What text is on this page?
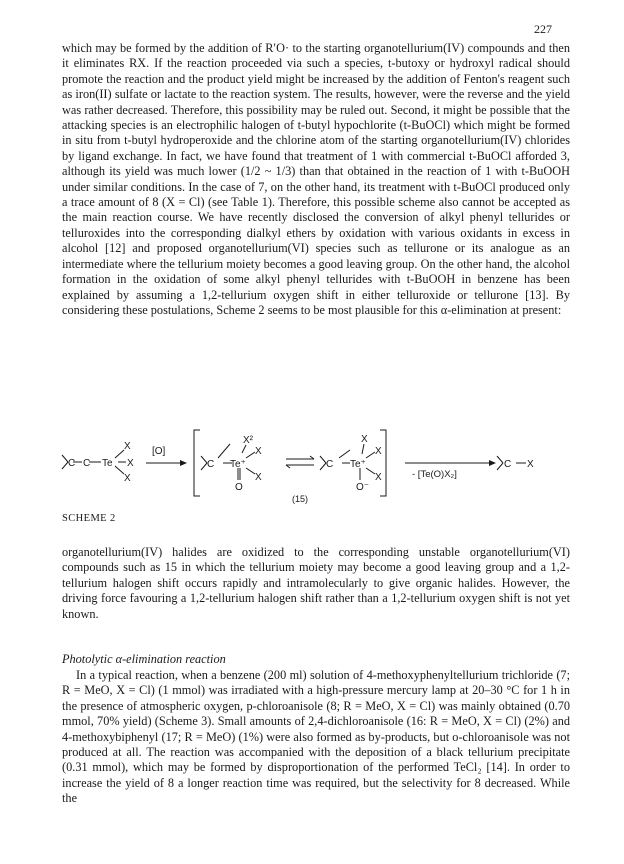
227

which may be formed by the addition of R′O· to the starting organotellurium(IV) compounds and then it eliminates RX. If the reaction proceeded via such a species, t-butoxy or hydroxyl radical should promote the reaction and the product yield might be increased by the addition of Fenton's reagent such as iron(II) sulfate or lactate to the reaction system. The results, however, were the reverse and the yield was rather decreased. Therefore, this possibility may be ruled out. Second, it might be possible that the attacking species is an electrophilic halogen of t-butyl hypochlorite (t-BuOCl) which might be formed in situ from t-butyl hydroperoxide and the chlorine atom of the starting organotellurium(IV) chlorides by ligand exchange. In fact, we have found that treatment of 1 with commercial t-BuOCl afforded 3, although its yield was much lower (1/2 ~ 1/3) than that obtained in the reaction of 1 with t-BuOOH under similar conditions. In the case of 7, on the other hand, its treatment with t-BuOCl produced only a trace amount of 8 (X = Cl) (see Table 1). Therefore, this possible scheme also cannot be accepted as the main reaction course. We have recently disclosed the conversion of alkyl phenyl tellurides or telluroxides into the corresponding dialkyl ethers by oxidation with various oxidants in excess in alcohol [12] and proposed organotellurium(VI) species such as tellurone or its analogue as an intermediate where the tellurium moiety becomes a good leaving group. On the other hand, the alcohol formation in the oxidation of some alkyl phenyl tellurides with t-BuOOH in benzene has been explained by assuming a 1,2-tellurium oxygen shift in either telluroxide or tellurone [13]. By considering these postulations, Scheme 2 seems to be most plausible for this α-elimination at present:

C C Te
X
X
X
[O]
C Te⁺
X²
X
X
O
C Te⁺
X
X
X
O⁻
- [Te(O)X₂]
C X
(15)
SCHEME 2

organotellurium(IV) halides are oxidized to the corresponding unstable organotellurium(VI) compounds such as 15 in which the tellurium moiety may become a good leaving group and a 1,2-tellurium halogen shift occurs rapidly and intramolecularly to give organic halides. However, the driving force favouring a 1,2-tellurium halogen shift rather than a 1,2-tellurium oxygen shift is not yet known.

Photolytic α-elimination reaction

In a typical reaction, when a benzene (200 ml) solution of 4-methoxyphenyltellurium trichloride (7; R = MeO, X = Cl) (1 mmol) was irradiated with a high-pressure mercury lamp at 20–30 °C for 1 h in the presence of atmospheric oxygen, p-chloroanisole (8; R = MeO, X = Cl) was mainly obtained (0.70 mmol, 70% yield) (Scheme 3). Small amounts of 2,4-dichloroanisole (16: R = MeO, X = Cl) (2%) and 4-methoxybiphenyl (17; R = MeO) (1%) were also formed as by-products, but o-chloroanisole was not produced at all. The reaction was accompanied with the deposition of a black tellurium precipitate (0.31 mmol), which may be formed by disproportionation of the performed TeCl₂ [14]. In order to increase the yield of 8 a longer reaction time was required, but the selectivity for 8 decreased. While the
